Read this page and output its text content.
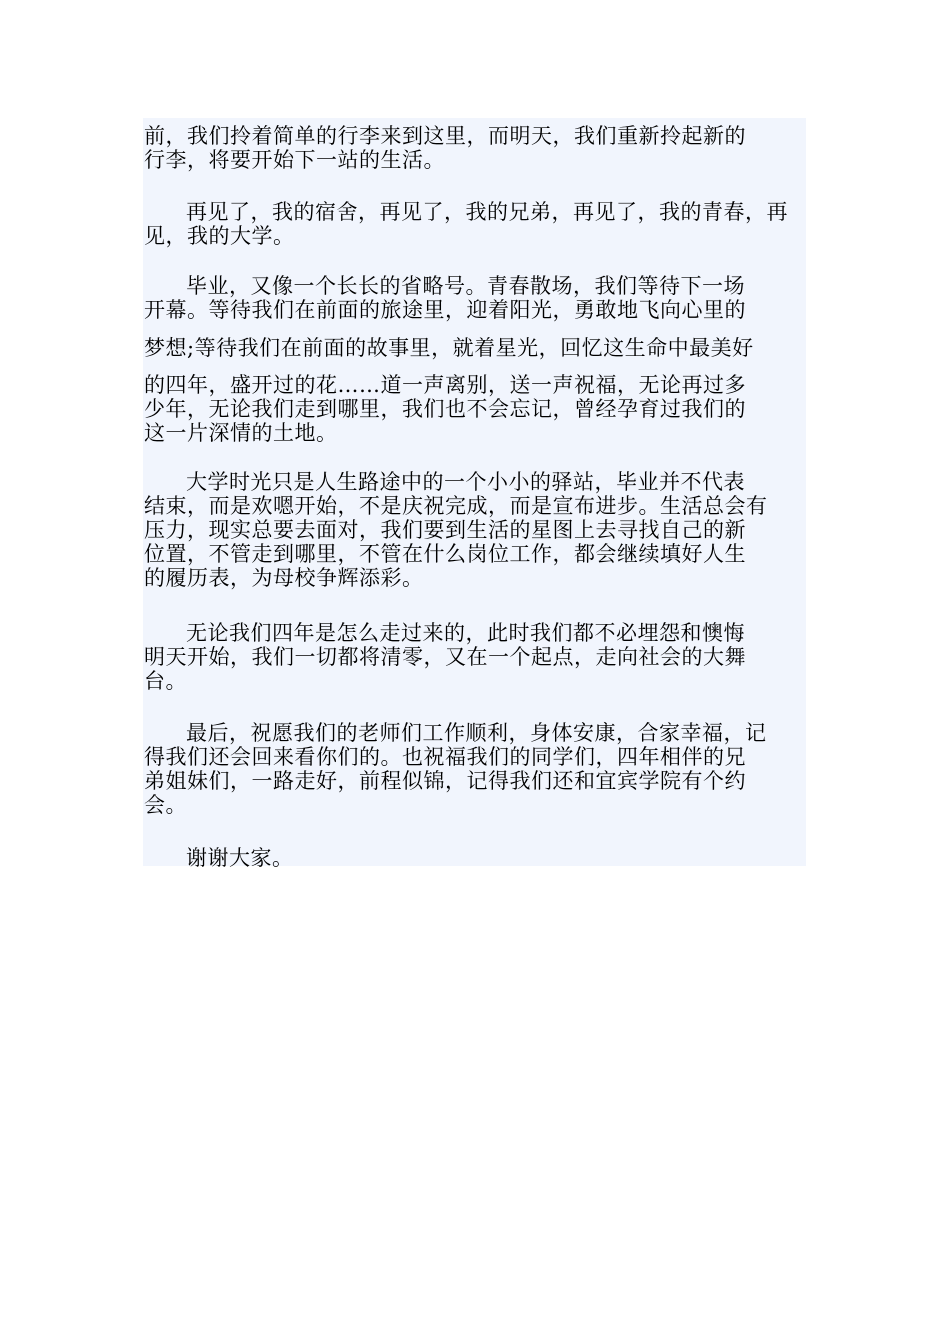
前，我们拎着简单的行李来到这里，而明天，我们重新拎起新的
行李，将要开始下一站的生活。

再见了，我的宿舍，再见了，我的兄弟，再见了，我的青春，再
见，我的大学。

毕业，又像一个长长的省略号。青春散场，我们等待下一场
开幕。等待我们在前面的旅途里，迎着阳光，勇敢地飞向心里的

梦想;等待我们在前面的故事里，就着星光，回忆这生命中最美好

的四年，盛开过的花……道一声离别，送一声祝福，无论再过多
少年，无论我们走到哪里，我们也不会忘记，曾经孕育过我们的
这一片深情的土地。

大学时光只是人生路途中的一个小小的驿站，毕业并不代表
结束，而是欢嗯开始，不是庆祝完成，而是宣布进步。生活总会有
压力，现实总要去面对，我们要到生活的星图上去寻找自己的新
位置，不管走到哪里，不管在什么岗位工作，都会继续填好人生
的履历表，为母校争辉添彩。

无论我们四年是怎么走过来的，此时我们都不必埋怨和懊悔
明天开始，我们一切都将清零，又在一个起点，走向社会的大舞
台。

最后，祝愿我们的老师们工作顺利，身体安康，合家幸福，记
得我们还会回来看你们的。也祝福我们的同学们，四年相伴的兄
弟姐妹们，一路走好，前程似锦，记得我们还和宜宾学院有个约
会。

谢谢大家。
